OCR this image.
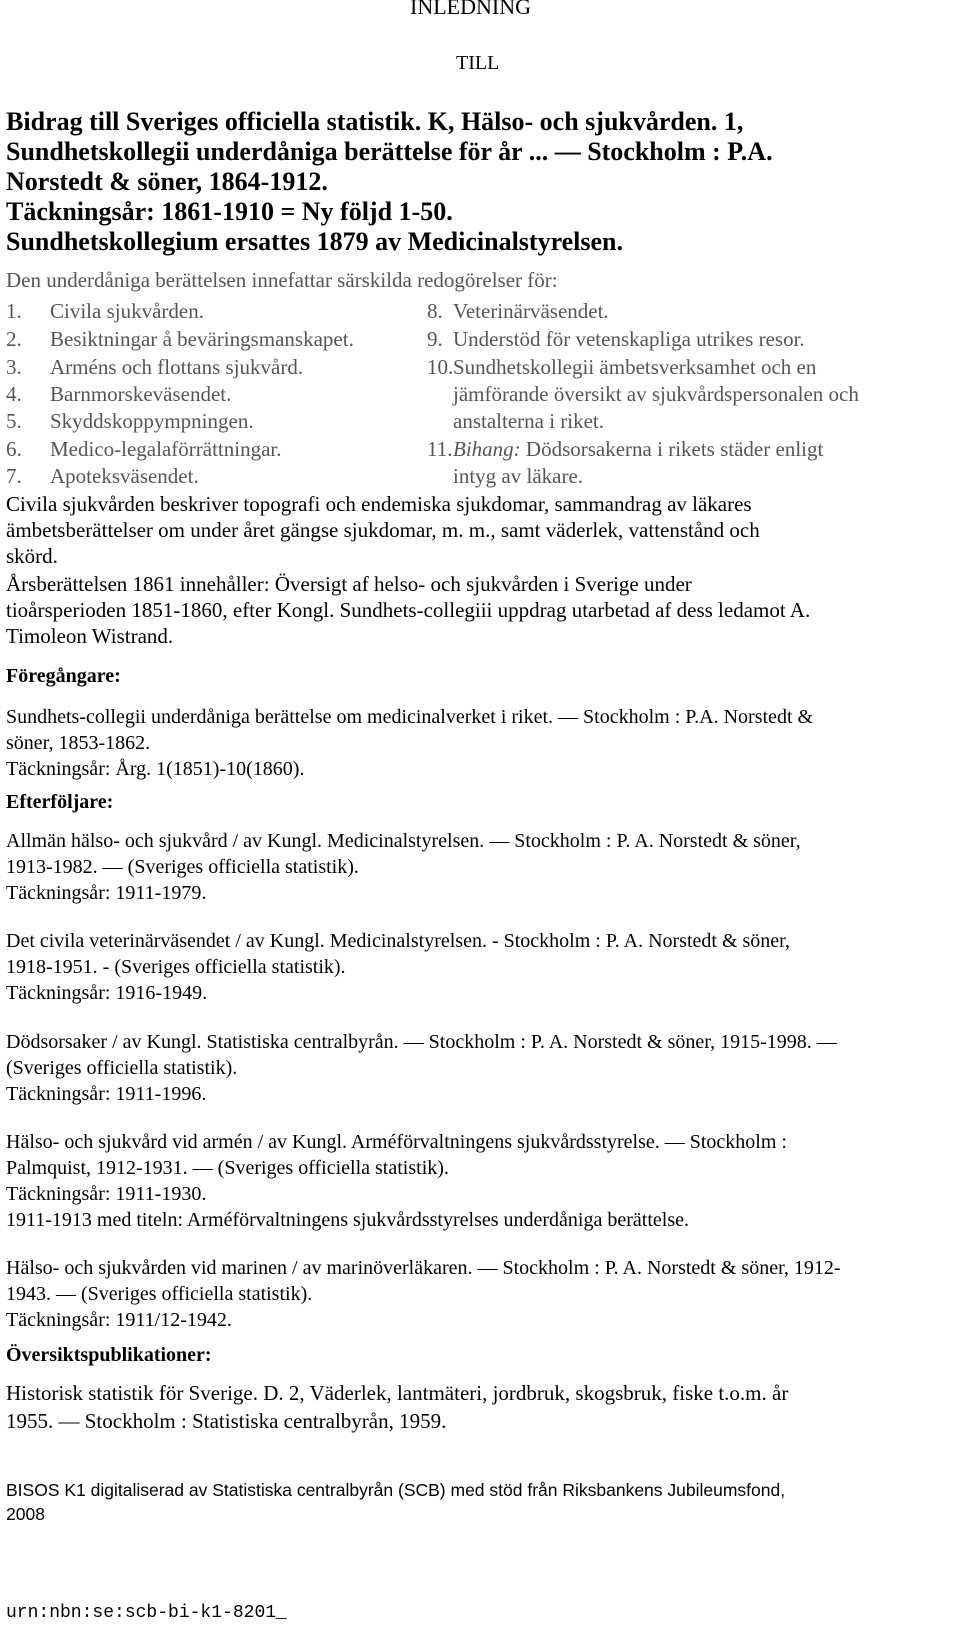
INLEDNING
TILL
Bidrag till Sveriges officiella statistik. K, Hälso- och sjukvården. 1,
Sundhetskollegii underdåniga berättelse för år ... — Stockholm : P.A.
Norstedt & söner, 1864-1912.
Täckningsår: 1861-1910 = Ny följd 1-50.
Sundhetskollegium ersattes 1879 av Medicinalstyrelsen.
Den underdåniga berättelsen innefattar särskilda redogörelser för:
1. Civila sjukvården.
2. Besiktningar å beväringsmanskapet.
3. Arméns och flottans sjukvård.
4. Barnmorskeväsendet.
5. Skyddskoppympningen.
6. Medico-legalaförrättningar.
7. Apoteksväsendet.
8. Veterinärväsendet.
9. Understöd för vetenskapliga utrikes resor.
10.Sundhetskollegii ämbetsverksamhet och en
jämförande översikt av sjukvårdspersonalen och
anstalterna i riket.
11.Bihang: Dödsorsakerna i rikets städer enligt
intyg av läkare.
Civila sjukvården beskriver topografi och endemiska sjukdomar, sammandrag av läkares
ämbetsberättelser om under året gängse sjukdomar, m. m., samt väderlek, vattenstånd och
skörd.
Årsberättelsen 1861 innehåller: Översigt af helso- och sjukvården i Sverige under
tioårsperioden 1851-1860, efter Kongl. Sundhets-collegiii uppdrag utarbetad af dess ledamot A.
Timoleon Wistrand.
Föregångare:
Sundhets-collegii underdåniga berättelse om medicinalverket i riket. — Stockholm : P.A. Norstedt &
söner, 1853-1862.
Täckningsår: Årg. 1(1851)-10(1860).
Efterföljare:
Allmän hälso- och sjukvård / av Kungl. Medicinalstyrelsen. — Stockholm : P. A. Norstedt & söner,
1913-1982. — (Sveriges officiella statistik).
Täckningsår: 1911-1979.
Det civila veterinärväsendet / av Kungl. Medicinalstyrelsen. - Stockholm : P. A. Norstedt & söner,
1918-1951. - (Sveriges officiella statistik).
Täckningsår: 1916-1949.
Dödsorsaker / av Kungl. Statistiska centralbyrån. — Stockholm : P. A. Norstedt & söner, 1915-1998. —
(Sveriges officiella statistik).
Täckningsår: 1911-1996.
Hälso- och sjukvård vid armén / av Kungl. Arméförvaltningens sjukvårdsstyrelse. — Stockholm :
Palmquist, 1912-1931. — (Sveriges officiella statistik).
Täckningsår: 1911-1930.
1911-1913 med titeln: Arméförvaltningens sjukvårdsstyrelses underdåniga berättelse.
Hälso- och sjukvården vid marinen / av marinöverläkaren. — Stockholm : P. A. Norstedt & söner, 1912-
1943. — (Sveriges officiella statistik).
Täckningsår: 1911/12-1942.
Översiktspublikationer:
Historisk statistik för Sverige. D. 2, Väderlek, lantmäteri, jordbruk, skogsbruk, fiske t.o.m. år
1955. — Stockholm : Statistiska centralbyrån, 1959.
BISOS K1 digitaliserad av Statistiska centralbyrån (SCB) med stöd från Riksbankens Jubileumsfond,
2008
urn:nbn:se:scb-bi-k1-8201_
